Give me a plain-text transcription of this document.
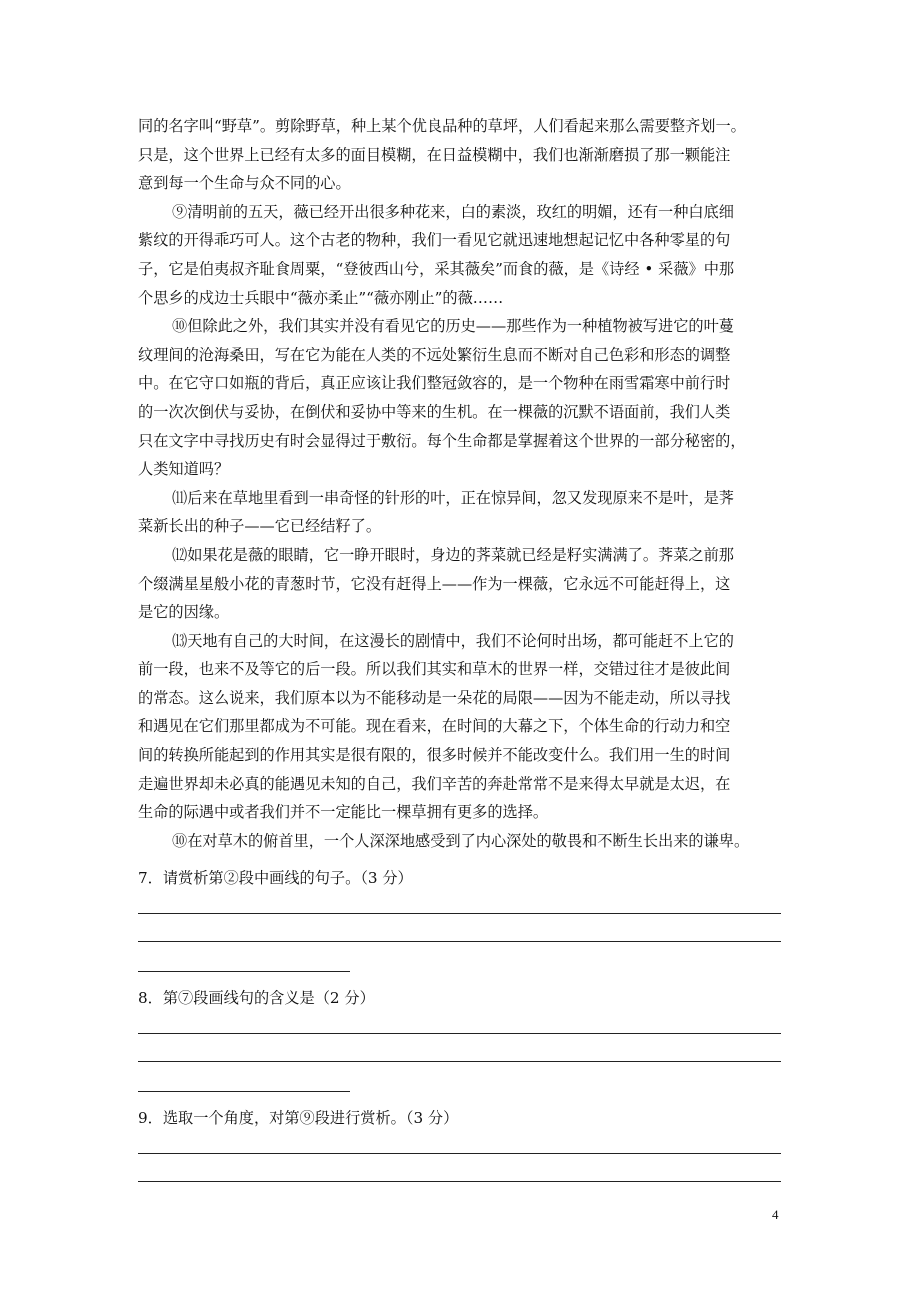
同的名字叫“野草”。剪除野草，种上某个优良品种的草坪，人们看起来那么需要整齐划一。
只是，这个世界上已经有太多的面目模糊，在日益模糊中，我们也渐渐磨损了那一颗能注
意到每一个生命与众不同的心。

⑨清明前的五天，薇已经开出很多种花来，白的素淡，玫红的明媚，还有一种白底细
紫纹的开得乖巧可人。这个古老的物种，我们一看见它就迅速地想起记忆中各种零星的句
子，它是伯夷叔齐耻食周粟，“登彼西山兮，采其薇矣”而食的薇，是《诗经 • 采薇》中那
个思乡的戍边士兵眼中“薇亦柔止”“薇亦刚止”的薇……

⑩但除此之外，我们其实并没有看见它的历史——那些作为一种植物被写进它的叶蔓
纹理间的沧海桑田，写在它为能在人类的不远处繁衍生息而不断对自己色彩和形态的调整
中。在它守口如瓶的背后，真正应该让我们整冠敛容的，是一个物种在雨雪霜寒中前行时
的一次次倒伏与妥协，在倒伏和妥协中等来的生机。在一棵薇的沉默不语面前，我们人类
只在文字中寻找历史有时会显得过于敷衍。每个生命都是掌握着这个世界的一部分秘密的，
人类知道吗？

⑾后来在草地里看到一串奇怪的针形的叶，正在惊异间，忽又发现原来不是叶，是荠
菜新长出的种子——它已经结籽了。

⑿如果花是薇的眼睛，它一睁开眼时，身边的荠菜就已经是籽实满满了。荠菜之前那
个缀满星星般小花的青葱时节，它没有赶得上——作为一棵薇，它永远不可能赶得上，这
是它的因缘。

⒀天地有自己的大时间，在这漫长的剧情中，我们不论何时出场，都可能赶不上它的
前一段，也来不及等它的后一段。所以我们其实和草木的世界一样，交错过往才是彼此间
的常态。这么说来，我们原本以为不能移动是一朵花的局限——因为不能走动，所以寻找
和遇见在它们那里都成为不可能。现在看来，在时间的大幕之下，个体生命的行动力和空
间的转换所能起到的作用其实是很有限的，很多时候并不能改变什么。我们用一生的时间
走遍世界却未必真的能遇见未知的自己，我们辛苦的奔赴常常不是来得太早就是太迟，在
生命的际遇中或者我们并不一定能比一棵草拥有更多的选择。

⑩在对草木的俯首里，一个人深深地感受到了内心深处的敬畏和不断生长出来的谦卑。

7．请赏析第②段中画线的句子。（3 分）
8．第⑦段画线句的含义是（2 分）
9．选取一个角度，对第⑨段进行赏析。（3 分）
4
